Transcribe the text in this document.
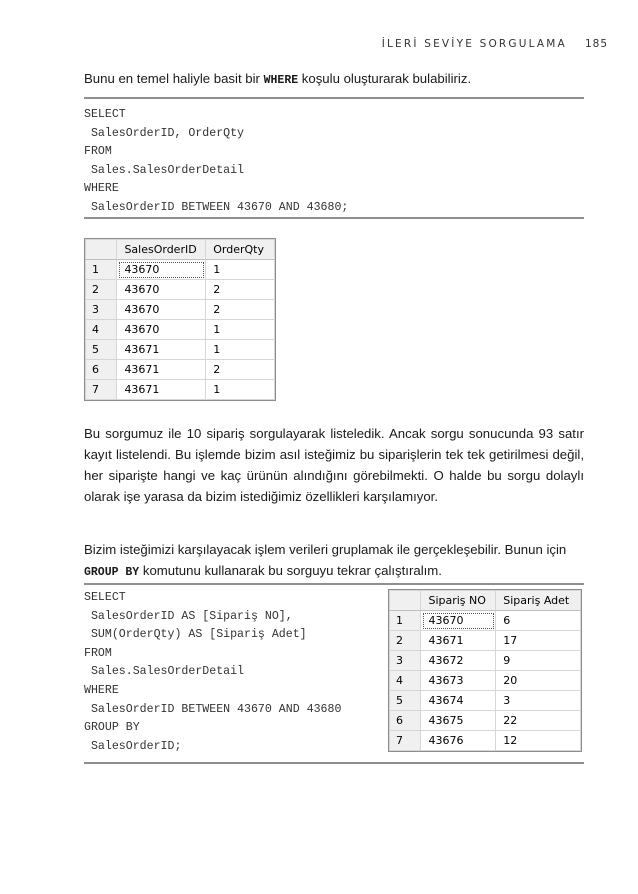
İLERİ SEVİYE SORGULAMA 185

Bunu en temel haliyle basit bir WHERE koşulu oluşturarak bulabiliriz.

SELECT
SalesOrderID, OrderQty
FROM
Sales.SalesOrderDetail
WHERE
SalesOrderID BETWEEN 43670 AND 43680;
	SalesOrderID	OrderQty
1	43670	1
2	43670	2
3	43670	2
4	43670	1
5	43671	1
6	43671	2
7	43671	1

Bu sorgumuz ile 10 sipariş sorgulayarak listeledik. Ancak sorgu sonucunda 93 satır kayıt listelendi. Bu işlemde bizim asıl isteğimiz bu siparişlerin tek tek getirilmesi değil, her siparişte hangi ve kaç ürünün alındığını görebilmekti. O halde bu sorgu dolaylı olarak işe yarasa da bizim istediğimiz özellikleri karşılamıyor.

Bizim isteğimizi karşılayacak işlem verileri gruplamak ile gerçekleşebilir. Bunun için GROUP BY komutunu kullanarak bu sorguyu tekrar çalıştıralım.

SELECT
SalesOrderID AS [Sipariş NO],
SUM(OrderQty) AS [Sipariş Adet]
FROM
Sales.SalesOrderDetail
WHERE
SalesOrderID BETWEEN 43670 AND 43680
GROUP BY
SalesOrderID;
	Sipariş NO	Sipariş Adet
1	43670	6
2	43671	17
3	43672	9
4	43673	20
5	43674	3
6	43675	22
7	43676	12
